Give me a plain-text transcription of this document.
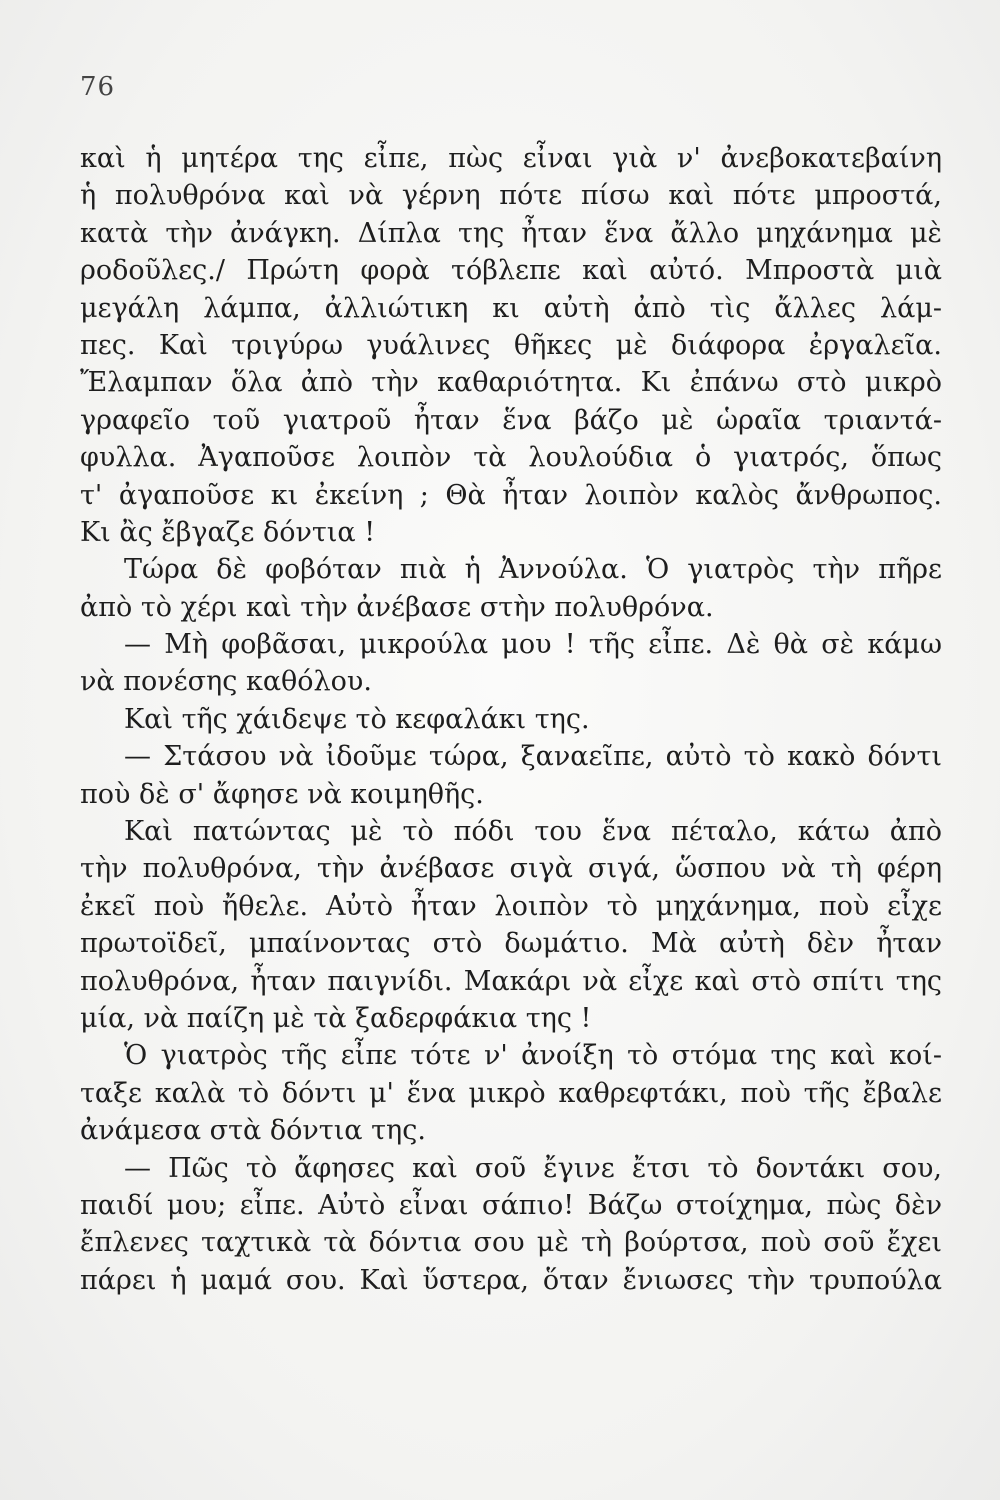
76
καὶ ἡ μητέρα της εἶπε, πὼς εἶναι γιὰ ν' ἀνεβοκατεβαίνη
ἡ πολυθρόνα καὶ νὰ γέρνη πότε πίσω καὶ πότε μπροστά,
κατὰ τὴν ἀνάγκη. Δίπλα της ἦταν ἕνα ἄλλο μηχάνημα μὲ
ροδοῦλες./ Πρώτη φορὰ τόβλεπε καὶ αὐτό. Μπροστὰ μιὰ
μεγάλη λάμπα, ἀλλιώτικη κι αὐτὴ ἀπὸ τὶς ἄλλες λάμ-
πες. Καὶ τριγύρω γυάλινες θῆκες μὲ διάφορα ἐργαλεῖα.
Ἔλαμπαν ὅλα ἀπὸ τὴν καθαριότητα. Κι ἐπάνω στὸ μικρὸ
γραφεῖο τοῦ γιατροῦ ἦταν ἕνα βάζο μὲ ὡραῖα τριαντά-
φυλλα. Ἀγαποῦσε λοιπὸν τὰ λουλούδια ὁ γιατρός, ὅπως
τ' ἀγαποῦσε κι ἐκείνη ; Θὰ ἦταν λοιπὸν καλὸς ἄνθρωπος.
Κι ἂς ἔβγαζε δόντια !
Τώρα δὲ φοβόταν πιὰ ἡ Ἀννούλα. Ὁ γιατρὸς τὴν πῆρε
ἀπὸ τὸ χέρι καὶ τὴν ἀνέβασε στὴν πολυθρόνα.
— Μὴ φοβᾶσαι, μικρούλα μου ! τῆς εἶπε. Δὲ θὰ σὲ κάμω
νὰ πονέσης καθόλου.
Καὶ τῆς χάιδεψε τὸ κεφαλάκι της.
— Στάσου νὰ ἰδοῦμε τώρα, ξαναεῖπε, αὐτὸ τὸ κακὸ δόντι
ποὺ δὲ σ' ἄφησε νὰ κοιμηθῆς.
Καὶ πατώντας μὲ τὸ πόδι του ἕνα πέταλο, κάτω ἀπὸ
τὴν πολυθρόνα, τὴν ἀνέβασε σιγὰ σιγά, ὥσπου νὰ τὴ φέρη
ἐκεῖ ποὺ ἤθελε. Αὐτὸ ἦταν λοιπὸν τὸ μηχάνημα, ποὺ εἶχε
πρωτοϊδεῖ, μπαίνοντας στὸ δωμάτιο. Μὰ αὐτὴ δὲν ἦταν
πολυθρόνα, ἦταν παιγνίδι. Μακάρι νὰ εἶχε καὶ στὸ σπίτι της
μία, νὰ παίζη μὲ τὰ ξαδερφάκια της !
Ὁ γιατρὸς τῆς εἶπε τότε ν' ἀνοίξη τὸ στόμα της καὶ κοί-
ταξε καλὰ τὸ δόντι μ' ἕνα μικρὸ καθρεφτάκι, ποὺ τῆς ἔβαλε
ἀνάμεσα στὰ δόντια της.
— Πῶς τὸ ἄφησες καὶ σοῦ ἔγινε ἔτσι τὸ δοντάκι σου,
παιδί μου; εἶπε. Αὐτὸ εἶναι σάπιο! Βάζω στοίχημα, πὼς δὲν
ἔπλενες ταχτικὰ τὰ δόντια σου μὲ τὴ βούρτσα, ποὺ σοῦ ἔχει
πάρει ἡ μαμά σου. Καὶ ὕστερα, ὅταν ἔνιωσες τὴν τρυπούλα
